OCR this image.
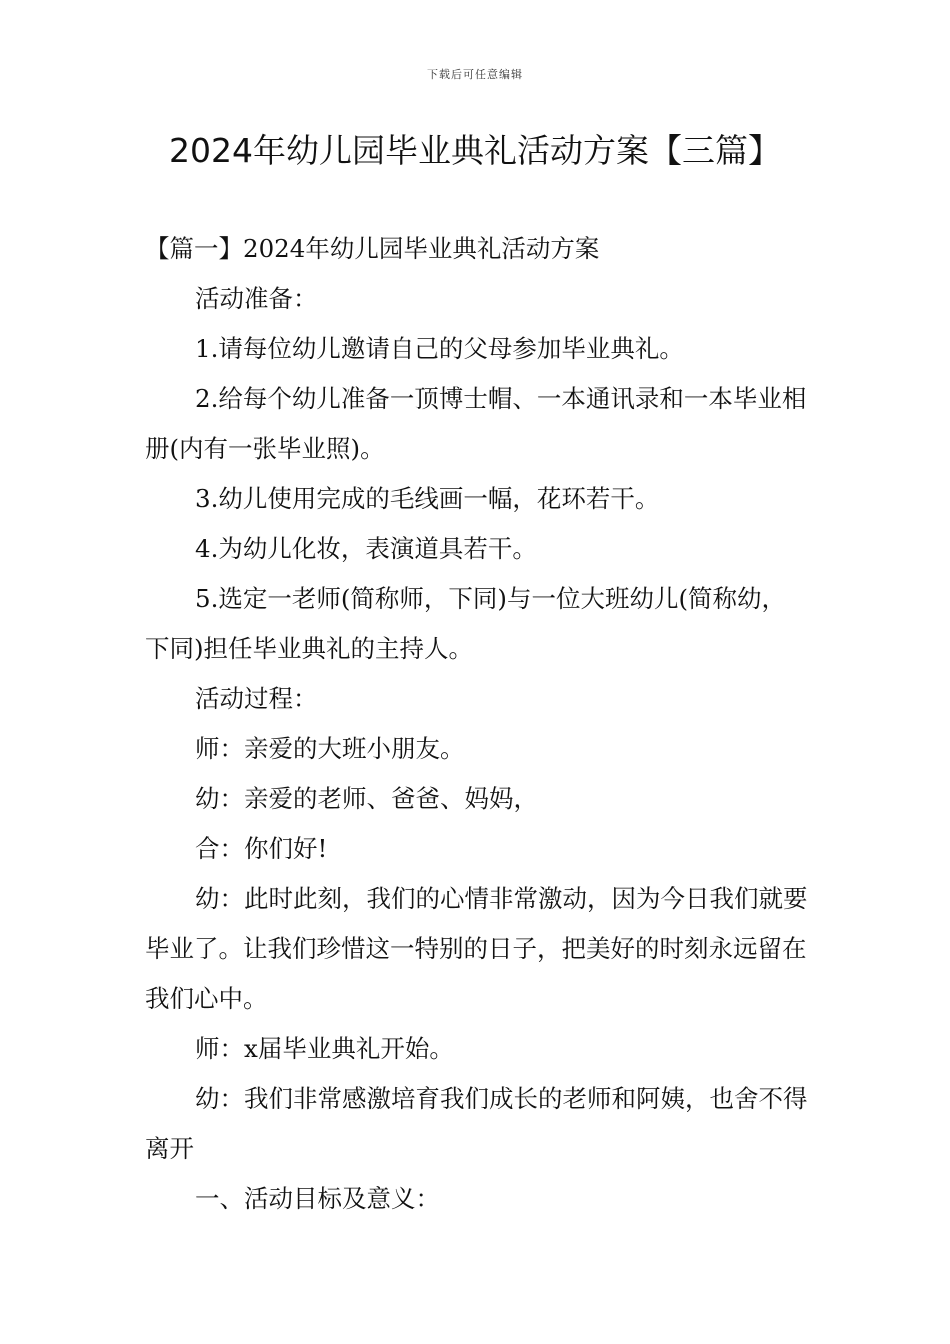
下载后可任意编辑
2024年幼儿园毕业典礼活动方案【三篇】

【篇一】2024年幼儿园毕业典礼活动方案

活动准备：

1.请每位幼儿邀请自己的父母参加毕业典礼。

2.给每个幼儿准备一顶博士帽、一本通讯录和一本毕业相册(内有一张毕业照)。

3.幼儿使用完成的毛线画一幅，花环若干。

4.为幼儿化妆，表演道具若干。

5.选定一老师(简称师，下同)与一位大班幼儿(简称幼，下同)担任毕业典礼的主持人。

活动过程：

师：亲爱的大班小朋友。

幼：亲爱的老师、爸爸、妈妈，

合：你们好!

幼：此时此刻，我们的心情非常激动，因为今日我们就要毕业了。让我们珍惜这一特别的日子，把美好的时刻永远留在我们心中。

师：x届毕业典礼开始。

幼：我们非常感激培育我们成长的老师和阿姨，也舍不得离开

一、活动目标及意义：
